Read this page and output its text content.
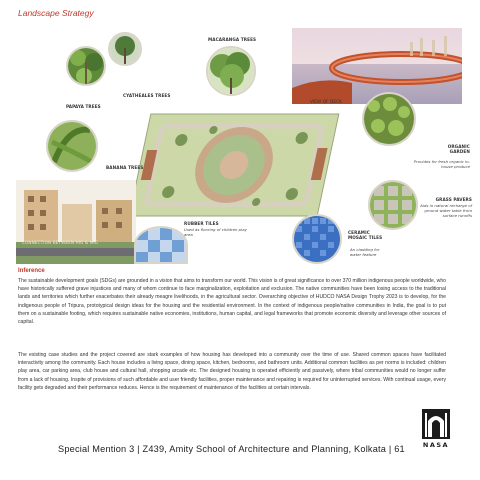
Landscape Strategy
CONNECTION BETWEEN HIG & MIG
PAPAYA TREES
CYATHEALES TREES
MACARANGA TREES
VIEW OF DECK
BANANA TREES
ORGANIC GARDEN
Provides for fresh organic in-house produce
GRASS PAVERS
Aids in natural recharge of ground water table from surface runoffs
RUBBER TILES
Used as flooring of children play area	CERAMIC MOSAIC TILES
An cladding for water feature
Inference
The sustainable development goals (SDGs) are grounded in a vision that aims to transform our world. This vision is of great significance to over 370 million indigenous people worldwide, who have historically suffered grave injustices and many of whom continue to face marginalization, exploitation and exclusion. The native communities have been losing access to the traditional lands and territories which further exacerbates their already meagre livelihoods, in the agricultural sector. Overarching objective of HUDCO NASA Design Trophy 2023 is to develop, for the indigenous people of Tripura, prototypical design ideas for the housing and the residential environment. In the context of indigenous people/native communities in India, the goal is to put them on a sustainable footing, which requires sustainable native economies, institutions, human capital, and legal frameworks that promote economic diversity and leverage other sources of capital.
The existing case studies and the project covered are stark examples of how housing has developed into a community over the time of use. Shared common spaces have facilitated interactivity among the community. Each house includes a living space, dining space, kitchen, bedrooms, and bathroom units. Additional common facilities as per norms is included: children play area, car parking area, club house and cultural hall, shopping arcade etc. The designed housing is operated efficiently and passively, where tribal communities would no longer suffer from a lack of housing. Inspite of provisions of such affordable and user friendly facilities, proper maintenance and repairing is required for uninterrupted services. With continual usage, every facility gets degraded and their performance reduces. Hence is the requirement of maintenance of the facilities at certain intervals.
Special Mention 3 | Z439, Amity School of Architecture and Planning, Kolkata | 61	NASA
